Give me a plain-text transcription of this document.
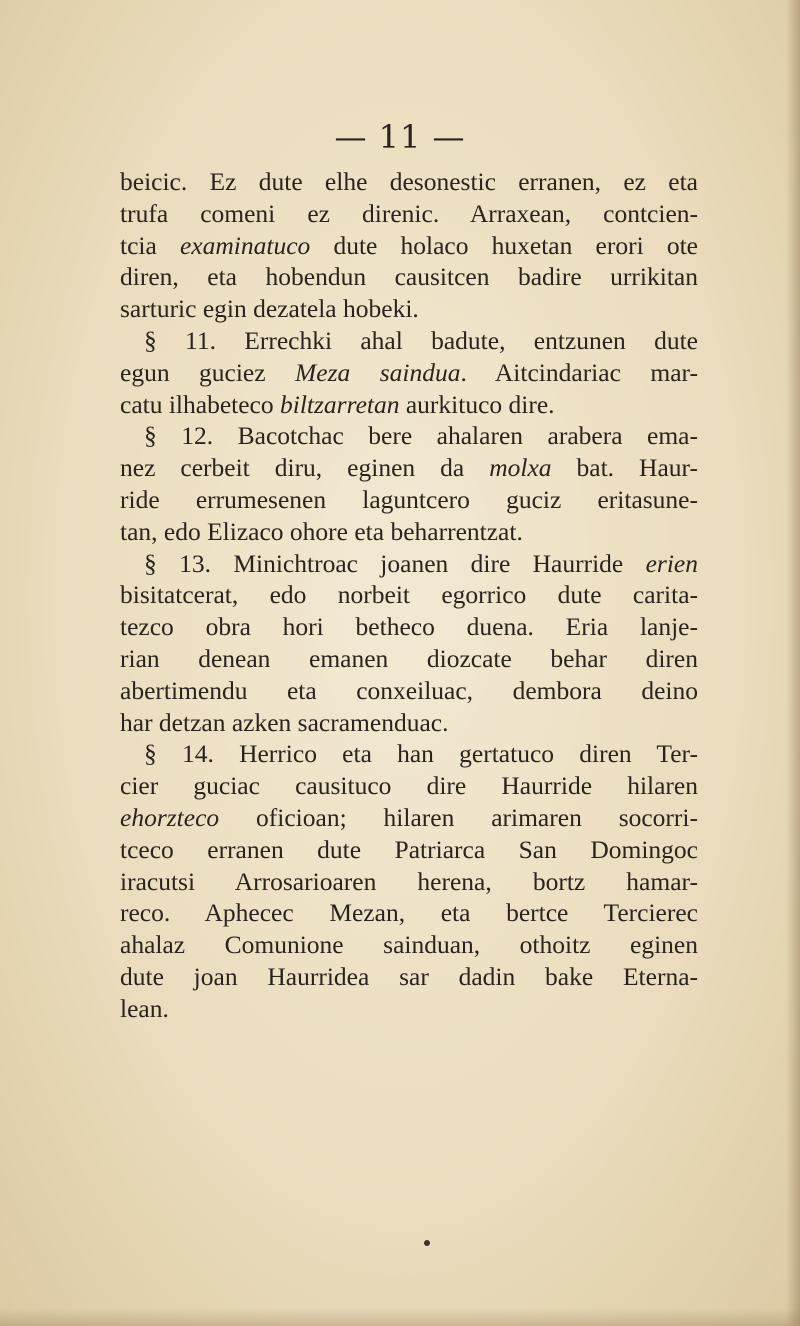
— 11 —
beicic. Ez dute elhe desonestic erranen, ez eta
trufa comeni ez direnic. Arraxean, contcien-
tcia examinatuco dute holaco huxetan erori ote
diren, eta hobendun causitcen badire urrikitan
sarturic egin dezatela hobeki.
§ 11. Errechki ahal badute, entzunen dute
egun guciez Meza saindua. Aitcindariac mar-
catu ilhabeteco biltzarretan aurkituco dire.
§ 12. Bacotchac bere ahalaren arabera ema-
nez cerbeit diru, eginen da molxa bat. Haur-
ride errumesenen laguntcero guciz eritasune-
tan, edo Elizaco ohore eta beharrentzat.
§ 13. Minichtroac joanen dire Haurride erien
bisitatcerat, edo norbeit egorrico dute carita-
tezco obra hori betheco duena. Eria lanje-
rian denean emanen diozcate behar diren
abertimendu eta conxeiluac, dembora deino
har detzan azken sacramenduac.
§ 14. Herrico eta han gertatuco diren Ter-
cier guciac causituco dire Haurride hilaren
ehorzteco oficioan; hilaren arimaren socorri-
tceco erranen dute Patriarca San Domingoc
iracutsi Arrosarioaren herena, bortz hamar-
reco. Aphecec Mezan, eta bertce Tercierec
ahalaz Comunione sainduan, othoitz eginen
dute joan Haurridea sar dadin bake Eterna-
lean.
